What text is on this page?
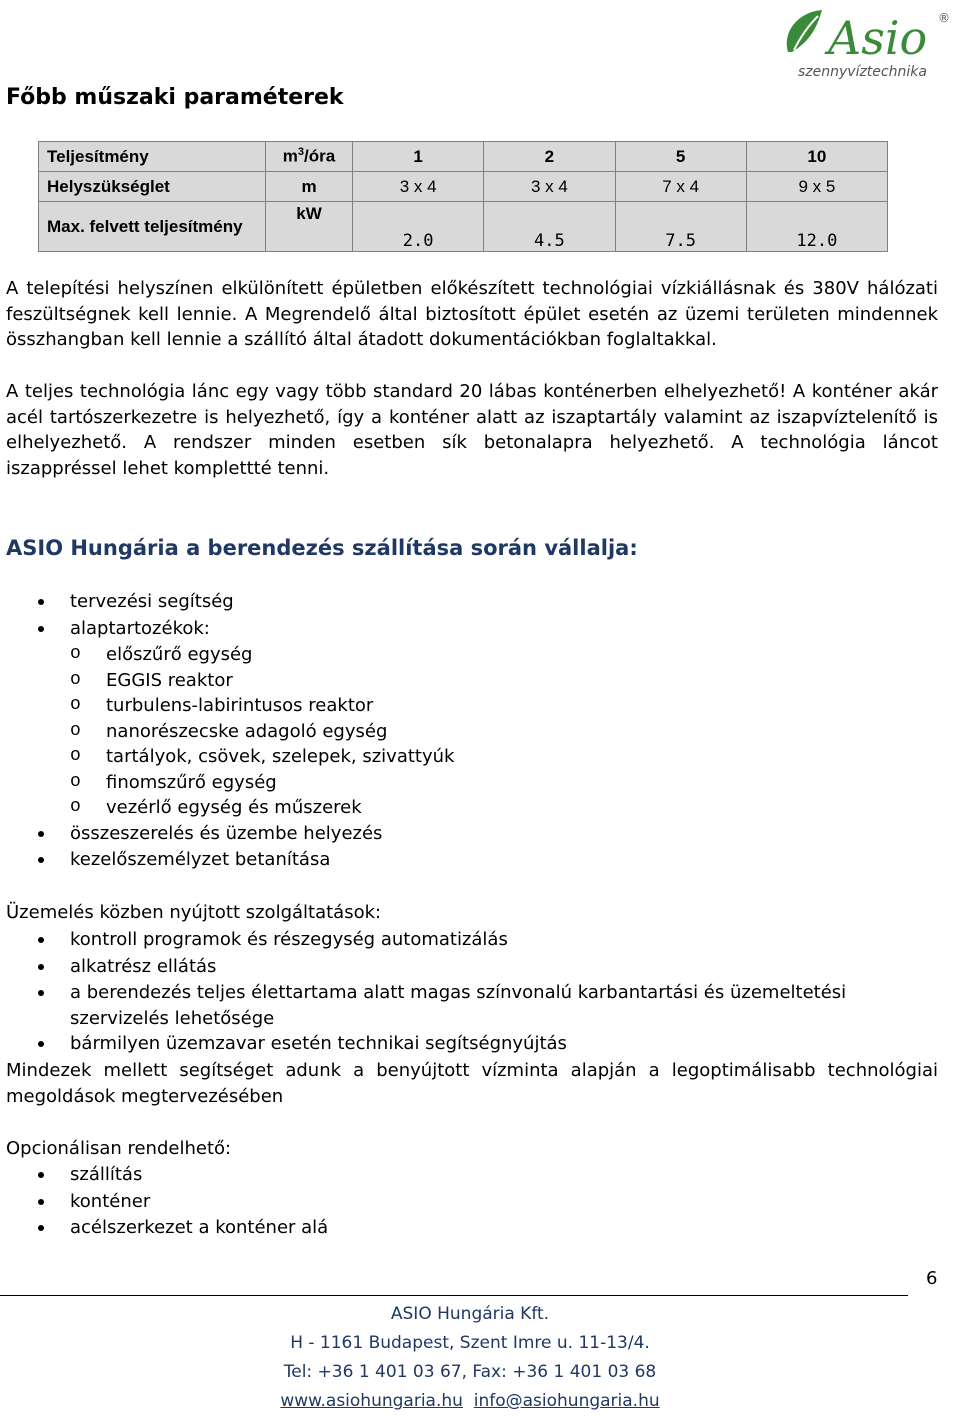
Asio ®
szennyvíztechnika
Főbb műszaki paraméterek
Teljesítmény	$m^3$/óra	1	2	5	10
Helyszükséglet	m	3 x 4	3 x 4	7 x 4	9 x 5
Max. felvett teljesítmény	kW	2.0	4.5	7.5	12.0

A telepítési helyszínen elkülönített épületben előkészített technológiai vízkiállásnak és 380V hálózati feszültségnek kell lennie. A Megrendelő által biztosított épület esetén az üzemi területen mindennek összhangban kell lennie a szállító által átadott dokumentációkban foglaltakkal.

A teljes technológia lánc egy vagy több standard 20 lábas konténerben elhelyezhető! A konténer akár acél tartószerkezetre is helyezhető, így a konténer alatt az iszaptartály valamint az iszapvíztelenítő is elhelyezhető. A rendszer minden esetben sík betonalapra helyezhető. A technológia láncot iszappréssel lehet komplettté tenni.

ASIO Hungária a berendezés szállítása során vállalja:
tervezési segítség
alaptartozékok:
o előszűrő egység
o EGGIS reaktor
o turbulens-labirintusos reaktor
o nanorészecske adagoló egység
o tartályok, csövek, szelepek, szivattyúk
o finomszűrő egység
o vezérlő egység és műszerek
összeszerelés és üzembe helyezés
kezelőszemélyzet betanítása

Üzemelés közben nyújtott szolgáltatások:

kontroll programok és részegység automatizálás
alkatrész ellátás
a berendezés teljes élettartama alatt magas színvonalú karbantartási és üzemeltetési szervizelés lehetősége
bármilyen üzemzavar esetén technikai segítségnyújtás

Mindezek mellett segítséget adunk a benyújtott vízminta alapján a legoptimálisabb technológiai megoldások megtervezésében

Opcionálisan rendelhető:

szállítás
konténer
acélszerkezet a konténer alá
6
ASIO Hungária Kft.
H - 1161 Budapest, Szent Imre u. 11-13/4.
Tel: +36 1 401 03 67, Fax: +36 1 401 03 68
www.asiohungaria.hu info@asiohungaria.hu
